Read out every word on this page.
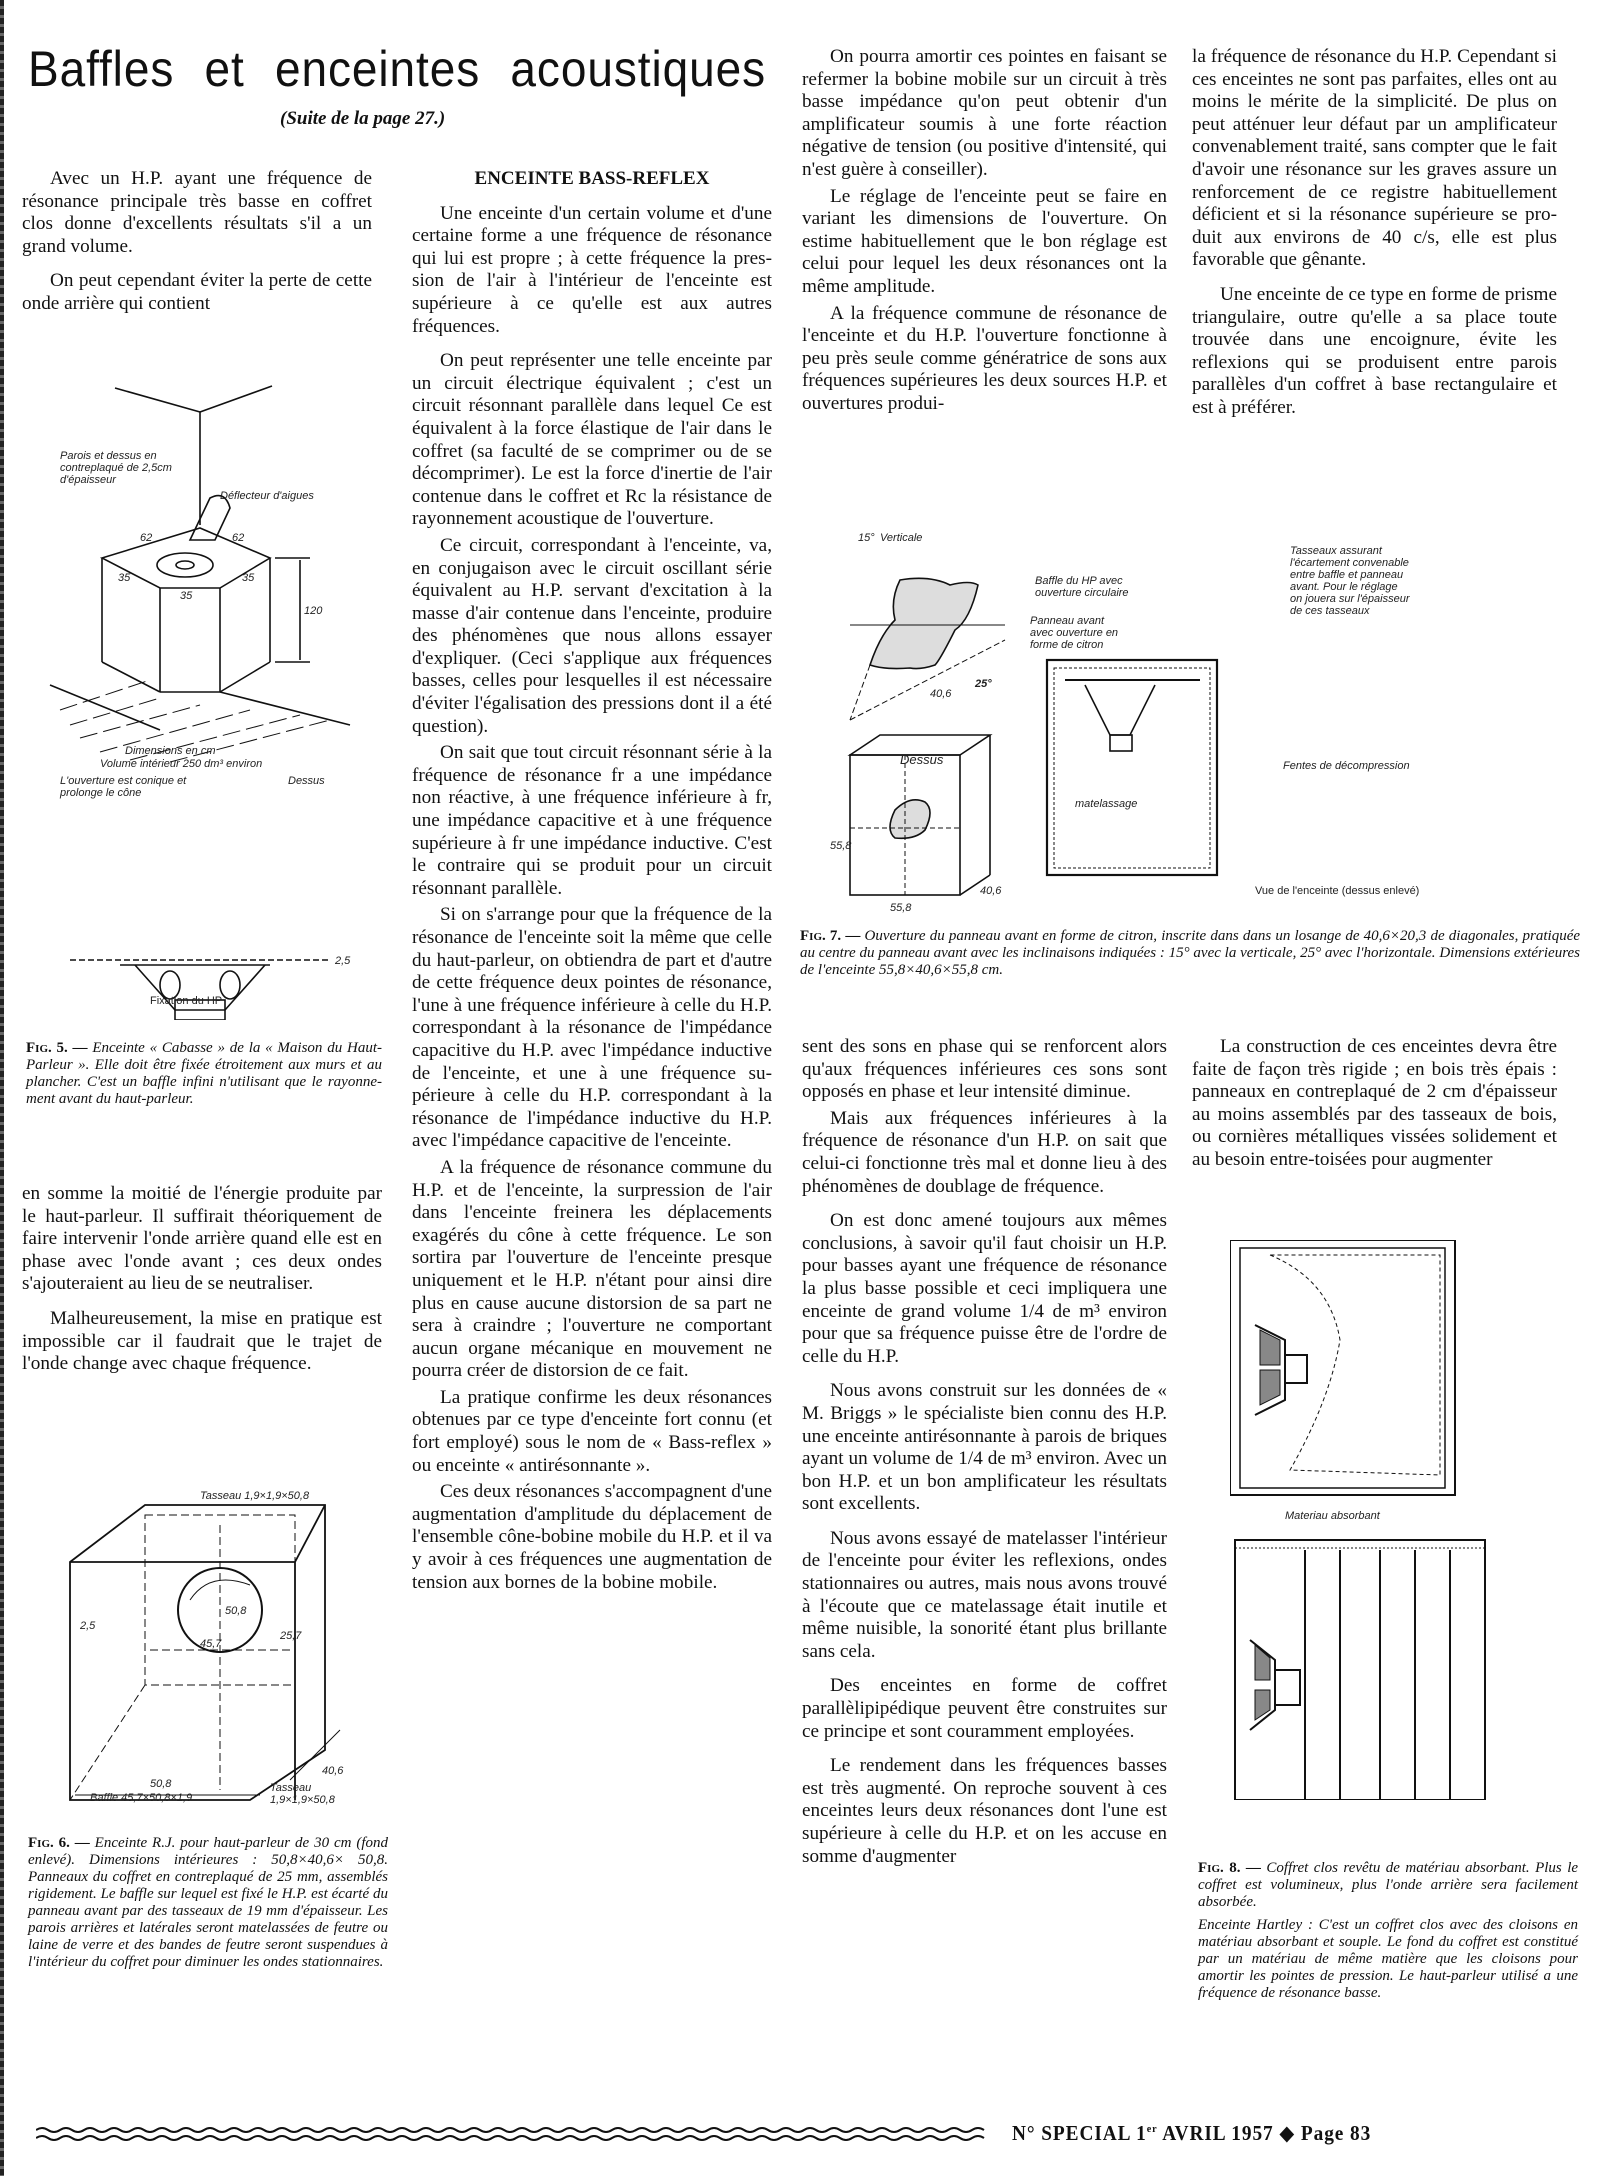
Baffles et enceintes acoustiques
(Suite de la page 27.)

Avec un H.P. ayant une fréquence de résonance principale très basse en coffret clos donne d'excellents résultats s'il a un grand volume.

On peut cependant éviter la perte de cette onde arrière qui contient

Parois et dessus en contreplaqué de 2,5cm d'épaisseur
Déflecteur d'aigues
62	62
35
35
35
120
Dimensions en cm
Volume intérieur 250 dm³ environ
L'ouverture est conique et prolonge le cône
Dessus
2,5
Fixation du HP

Fig. 5. — Enceinte « Cabasse » de la « Maison du Haut-Parleur ». Elle doit être fixée étroitement aux murs et au plancher. C'est un baffle infini n'utilisant que le rayonnement avant du haut-parleur.

en somme la moitié de l'énergie produite par le haut-parleur. Il suffirait théoriquement de faire intervenir l'onde arrière quand elle est en phase avec l'onde avant ; ces deux ondes s'ajouteraient au lieu de se neutraliser.

Malheureusement, la mise en pratique est impossible car il faudrait que le trajet de l'onde change avec chaque fréquence.

Tasseau 1,9×1,9×50,8
50,8
25,7
45,7
2,5
40,6
50,8
Baffle 45,7×50,8×1,9
Tasseau 1,9×1,9×50,8

Fig. 6. — Enceinte R.J. pour haut-parleur de 30 cm (fond enlevé). Dimensions intérieures : 50,8×40,6× 50,8. Panneaux du coffret en contreplaqué de 25 mm, assemblés rigidement. Le baffle sur lequel est fixé le H.P. est écarté du panneau avant par des tasseaux de 19 mm d'épaisseur. Les parois arrières et latérales seront matelassées de feutre ou laine de verre et des bandes de feutre seront suspendues à l'intérieur du coffret pour diminuer les ondes stationnaires.

ENCEINTE BASS-REFLEX

Une enceinte d'un certain volume et d'une certaine forme a une fréquence de résonance qui lui est propre ; à cette fréquence la pression de l'air à l'intérieur de l'enceinte est supérieure à ce qu'elle est aux autres fréquences.

On peut représenter une telle enceinte par un circuit électrique équivalent ; c'est un circuit résonnant parallèle dans lequel Ce est équivalent à la force élastique de l'air dans le coffret (sa faculté de se comprimer ou de se décomprimer). Le est la force d'inertie de l'air contenue dans le coffret et Rc la résistance de rayonnement acoustique de l'ouverture.

Ce circuit, correspondant à l'enceinte, va, en conjugaison avec le circuit oscillant série équivalent au H.P. servant d'excitation à la masse d'air contenue dans l'enceinte, produire des phénomènes que nous allons essayer d'expliquer. (Ceci s'applique aux fréquences basses, celles pour lesquelles il est nécessaire d'éviter l'égalisation des pressions dont il a été question).

On sait que tout circuit résonnant série à la fréquence de résonance fr a une impédance non réactive, à une fréquence inférieure à fr, une impédance capacitive et à une fréquence supérieure à fr une impédance inductive. C'est le contraire qui se produit pour un circuit résonnant parallèle.

Si on s'arrange pour que la fréquence de la résonance de l'enceinte soit la même que celle du haut-parleur, on obtiendra de part et d'autre de cette fréquence deux pointes de résonance, l'une à une fréquence inférieure à celle du H.P. correspondant à la résonance de l'impédance capacitive du H.P. avec l'impédance inductive de l'enceinte, et une à une fréquence supérieure à celle du H.P. correspondant à la résonance de l'impédance inductive du H.P. avec l'impédance capacitive de l'enceinte.

A la fréquence de résonance commune du H.P. et de l'enceinte, la surpression de l'air dans l'enceinte freinera les déplacements exagérés du cône à cette fréquence. Le son sortira par l'ouverture de l'enceinte presque uniquement et le H.P. n'étant pour ainsi dire plus en cause aucune distorsion de sa part ne sera à craindre ; l'ouverture ne comportant aucun organe mécanique en mouvement ne pourra créer de distorsion de ce fait.

La pratique confirme les deux résonances obtenues par ce type d'enceinte fort connu (et fort employé) sous le nom de « Bass-reflex » ou enceinte « antirésonnante ».

Ces deux résonances s'accompagnent d'une augmentation d'amplitude du déplacement de l'ensemble cône-bobine mobile du H.P. et il va y avoir à ces fréquences une augmentation de tension aux bornes de la bobine mobile.

On pourra amortir ces pointes en faisant se refermer la bobine mobile sur un circuit à très basse impédance qu'on peut obtenir d'un amplificateur soumis à une forte réaction négative de tension (ou positive d'intensité, qui n'est guère à conseiller).

Le réglage de l'enceinte peut se faire en variant les dimensions de l'ouverture. On estime habituellement que le bon réglage est celui pour lequel les deux résonances ont la même amplitude.

A la fréquence commune de résonance de l'enceinte et du H.P. l'ouverture fonctionne à peu près seule comme génératrice de sons aux fréquences supérieures les deux sources H.P. et ouvertures produi-

la fréquence de résonance du H.P. Cependant si ces enceintes ne sont pas parfaites, elles ont au moins le mérite de la simplicité. De plus on peut atténuer leur défaut par un amplificateur convenablement traité, sans compter que le fait d'avoir une résonance sur les graves assure un renforcement de ce registre habituellement déficient et si la résonance supérieure se produit aux environs de 40 c/s, elle est plus favorable que gênante.

Une enceinte de ce type en forme de prisme triangulaire, outre qu'elle a sa place toute trouvée dans une encoignure, évite les reflexions qui se produisent entre parois parallèles d'un coffret à base rectangulaire et est à préférer.

15° Verticale
25°
40,6
Dessus
55,8
40,6
55,8
Baffle du HP avec ouverture circulaire
Panneau avant avec ouverture en forme de citron
Tasseaux assurant l'écartement convenable entre baffle et panneau avant. Pour le réglage on jouera sur l'épaisseur de ces tasseaux
Fentes de décompression
matelassage
Vue de l'enceinte (dessus enlevé)

Fig. 7. — Ouverture du panneau avant en forme de citron, inscrite dans dans un losange de 40,6×20,3 de diagonales, pratiquée au centre du panneau avant avec les inclinaisons indiquées : 15° avec la verticale, 25° avec l'horizontale. Dimensions extérieures de l'enceinte 55,8×40,6×55,8 cm.

sent des sons en phase qui se renforcent alors qu'aux fréquences inférieures ces sons sont opposés en phase et leur intensité diminue.

Mais aux fréquences inférieures à la fréquence de résonance d'un H.P. on sait que celui-ci fonctionne très mal et donne lieu à des phénomènes de doublage de fréquence.

On est donc amené toujours aux mêmes conclusions, à savoir qu'il faut choisir un H.P. pour basses ayant une fréquence de résonance la plus basse possible et ceci impliquera une enceinte de grand volume 1/4 de m³ environ pour que sa fréquence puisse être de l'ordre de celle du H.P.

Nous avons construit sur les données de « M. Briggs » le spécialiste bien connu des H.P. une enceinte antirésonnante à parois de briques ayant un volume de 1/4 de m³ environ. Avec un bon H.P. et un bon amplificateur les résultats sont excellents.

Nous avons essayé de matelasser l'intérieur de l'enceinte pour éviter les reflexions, ondes stationnaires ou autres, mais nous avons trouvé à l'écoute que ce matelassage était inutile et même nuisible, la sonorité étant plus brillante sans cela.

Des enceintes en forme de coffret parallèlipipédique peuvent être construites sur ce principe et sont couramment employées.

Le rendement dans les fréquences basses est très augmenté. On reproche souvent à ces enceintes leurs deux résonances dont l'une est supérieure à celle du H.P. et on les accuse en somme d'augmenter

La construction de ces enceintes devra être faite de façon très rigide ; en bois très épais : panneaux en contreplaqué de 2 cm d'épaisseur au moins assemblés par des tasseaux de bois, ou cornières métalliques vissées solidement et au besoin entre-toisées pour augmenter

Materiau absorbant

Fig. 8. — Coffret clos revêtu de matériau absorbant. Plus le coffret est volumineux, plus l'onde arrière sera facilement absorbée.

Enceinte Hartley : C'est un coffret clos avec des cloisons en matériau absorbant et souple. Le fond du coffret est constitué par un matériau de même matière que les cloisons pour amortir les pointes de pression. Le haut-parleur utilisé a une fréquence de résonance basse.

N° SPECIAL 1er AVRIL 1957 ◆ Page 83
